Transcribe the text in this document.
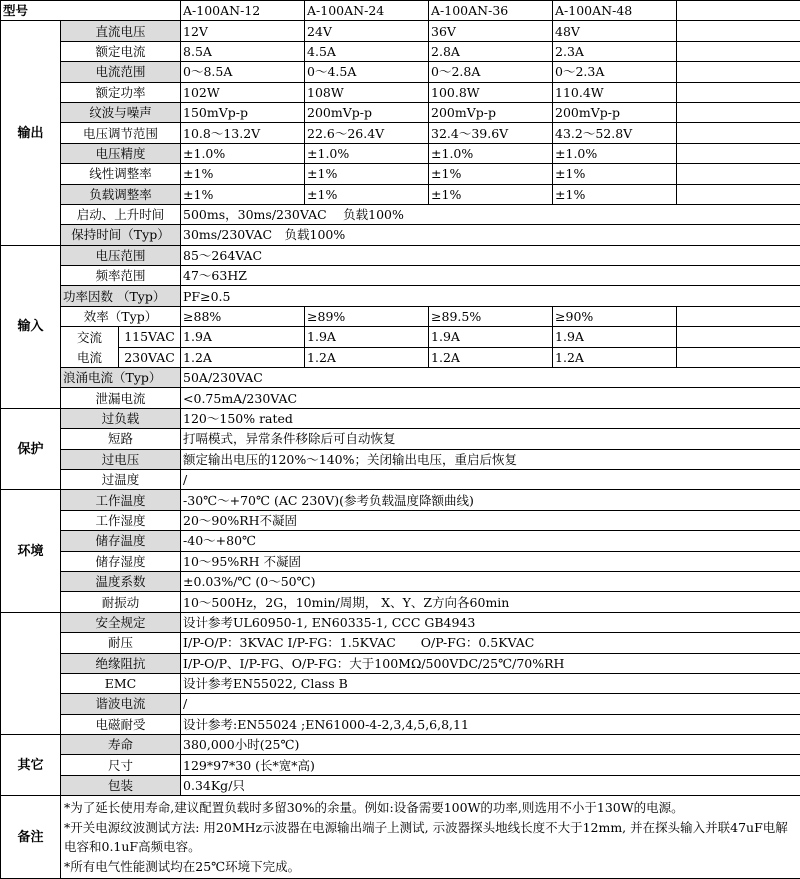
型号			A-100AN-12	A-100AN-24	A-100AN-36	A-100AN-48	
输出	直流电压		12V	24V	36V	48V	
	额定电流		8.5A	4.5A	2.8A	2.3A	
	电流范围		0～8.5A	0～4.5A	0～2.8A	0～2.3A	
	额定功率		102W	108W	100.8W	110.4W	
	纹波与噪声		150mVp-p	200mVp-p	200mVp-p	200mVp-p	
	电压调节范围		10.8～13.2V	22.6～26.4V	32.4～39.6V	43.2～52.8V	
	电压精度		±1.0%	±1.0%	±1.0%	±1.0%	
	线性调整率		±1%	±1%	±1%	±1%	
	负载调整率		±1%	±1%	±1%	±1%	
	启动、上升时间		500ms，30ms/230VAC　 负载100%				
	保持时间（Typ）		30ms/230VAC　负载100%				
输入	电压范围		85～264VAC				
	频率范围		47～63HZ				
	功率因数 （Typ）		PF≥0.5				
	效率（Typ）		≥88%	≥89%	≥89.5%	≥90%	
	交流	115VAC	1.9A	1.9A	1.9A	1.9A	
	电流	230VAC	1.2A	1.2A	1.2A	1.2A	
	浪涌电流（Typ）		50A/230VAC				
	泄漏电流		<0.75mA/230VAC				
保护	过负载		120～150% rated				
	短路		打嗝模式，异常条件移除后可自动恢复				
	过电压		额定输出电压的120%～140%；关闭输出电压，重启后恢复				
	过温度		/				
环境	工作温度		-30℃～+70℃ (AC 230V)(参考负载温度降额曲线)				
	工作湿度		20～90%RH不凝固				
	储存温度		-40～+80℃				
	储存湿度		10～95%RH 不凝固				
	温度系数		±0.03%/℃ (0～50℃)				
	耐振动		10～500Hz，2G，10min/周期， X、Y、Z方向各60min				
	安全规定		设计参考UL60950-1, EN60335-1, CCC GB4943				
	耐压		I/P-O/P：3KVAC I/P-FG：1.5KVAC　　O/P-FG：0.5KVAC				
	绝缘阻抗		I/P-O/P、I/P-FG、O/P-FG：大于100MΩ/500VDC/25℃/70%RH				
	EMC		设计参考EN55022, Class B				
	谐波电流		/				
	电磁耐受		设计参考:EN55024 ;EN61000-4-2,3,4,5,6,8,11				
其它	寿命		380,000小时(25℃)				
	尺寸		129*97*30 (长*宽*高)				
	包装		0.34Kg/只				
备注	*为了延长使用寿命,建议配置负载时多留30%的余量。例如:设备需要100W的功率,则选用不小于130W的电源。
*开关电源纹波测试方法: 用20MHz示波器在电源输出端子上测试, 示波器探头地线长度不大于12mm, 并在探头输入并联47uF电解电容和0.1uF高频电容。
*所有电气性能测试均在25℃环境下完成。						
